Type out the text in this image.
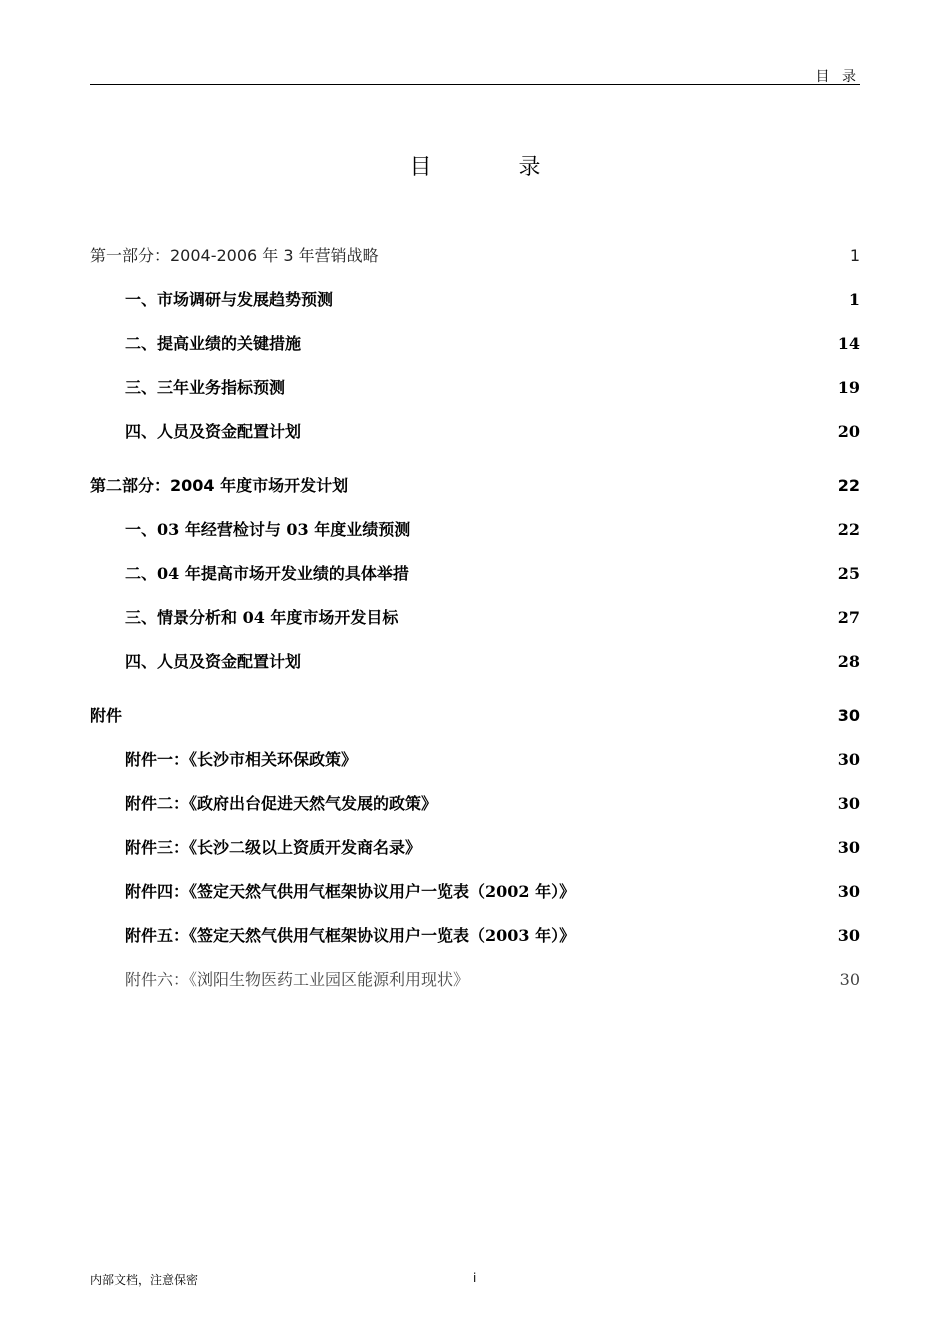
目 录
目 录
第一部分：2004-2006 年 3 年营销战略	1
一、市场调研与发展趋势预测	1
二、提高业绩的关键措施	14
三、三年业务指标预测	19
四、人员及资金配置计划	20
第二部分：2004 年度市场开发计划	22
一、03 年经营检讨与 03 年度业绩预测	22
二、04 年提高市场开发业绩的具体举措	25
三、情景分析和 04 年度市场开发目标	27
四、人员及资金配置计划	28
附件	30
附件一：《长沙市相关环保政策》	30
附件二：《政府出台促进天然气发展的政策》	30
附件三：《长沙二级以上资质开发商名录》	30
附件四：《签定天然气供用气框架协议用户一览表（2002 年）》	30
附件五：《签定天然气供用气框架协议用户一览表（2003 年）》	30
附件六：《浏阳生物医药工业园区能源利用现状》	30
内部文档，注意保密	i
